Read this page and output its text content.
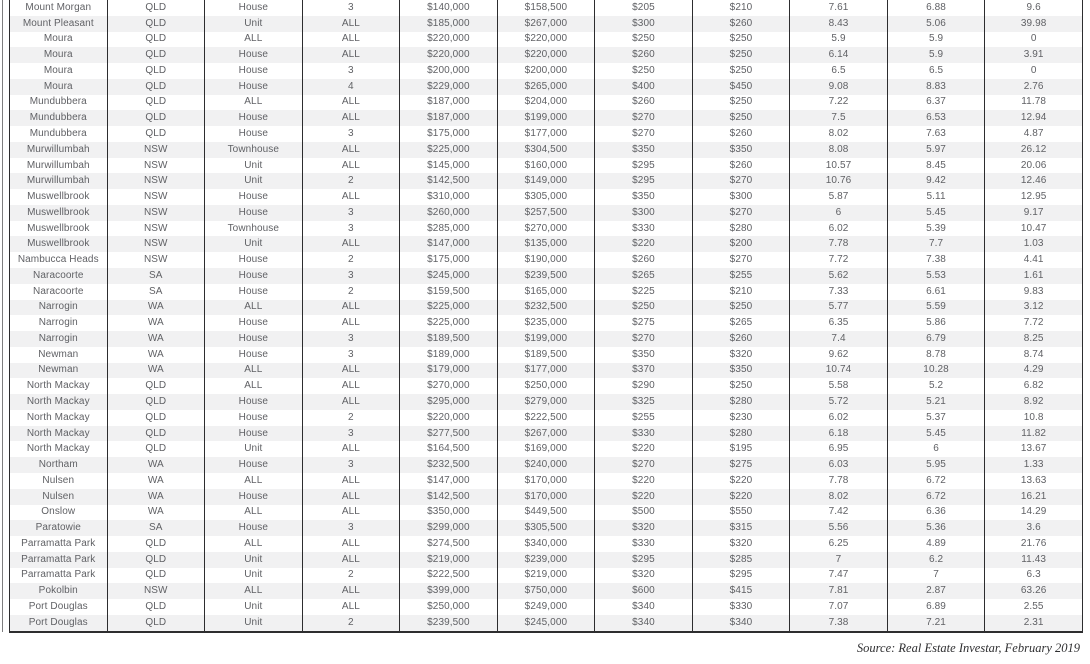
Mount Morgan	QLD	House	3	$140,000	$158,500	$205	$210	7.61	6.88	9.6
Mount Pleasant	QLD	Unit	ALL	$185,000	$267,000	$300	$260	8.43	5.06	39.98
Moura	QLD	ALL	ALL	$220,000	$220,000	$250	$250	5.9	5.9	0
Moura	QLD	House	ALL	$220,000	$220,000	$260	$250	6.14	5.9	3.91
Moura	QLD	House	3	$200,000	$200,000	$250	$250	6.5	6.5	0
Moura	QLD	House	4	$229,000	$265,000	$400	$450	9.08	8.83	2.76
Mundubbera	QLD	ALL	ALL	$187,000	$204,000	$260	$250	7.22	6.37	11.78
Mundubbera	QLD	House	ALL	$187,000	$199,000	$270	$250	7.5	6.53	12.94
Mundubbera	QLD	House	3	$175,000	$177,000	$270	$260	8.02	7.63	4.87
Murwillumbah	NSW	Townhouse	ALL	$225,000	$304,500	$350	$350	8.08	5.97	26.12
Murwillumbah	NSW	Unit	ALL	$145,000	$160,000	$295	$260	10.57	8.45	20.06
Murwillumbah	NSW	Unit	2	$142,500	$149,000	$295	$270	10.76	9.42	12.46
Muswellbrook	NSW	House	ALL	$310,000	$305,000	$350	$300	5.87	5.11	12.95
Muswellbrook	NSW	House	3	$260,000	$257,500	$300	$270	6	5.45	9.17
Muswellbrook	NSW	Townhouse	3	$285,000	$270,000	$330	$280	6.02	5.39	10.47
Muswellbrook	NSW	Unit	ALL	$147,000	$135,000	$220	$200	7.78	7.7	1.03
Nambucca Heads	NSW	House	2	$175,000	$190,000	$260	$270	7.72	7.38	4.41
Naracoorte	SA	House	3	$245,000	$239,500	$265	$255	5.62	5.53	1.61
Naracoorte	SA	House	2	$159,500	$165,000	$225	$210	7.33	6.61	9.83
Narrogin	WA	ALL	ALL	$225,000	$232,500	$250	$250	5.77	5.59	3.12
Narrogin	WA	House	ALL	$225,000	$235,000	$275	$265	6.35	5.86	7.72
Narrogin	WA	House	3	$189,500	$199,000	$270	$260	7.4	6.79	8.25
Newman	WA	House	3	$189,000	$189,500	$350	$320	9.62	8.78	8.74
Newman	WA	ALL	ALL	$179,000	$177,000	$370	$350	10.74	10.28	4.29
North Mackay	QLD	ALL	ALL	$270,000	$250,000	$290	$250	5.58	5.2	6.82
North Mackay	QLD	House	ALL	$295,000	$279,000	$325	$280	5.72	5.21	8.92
North Mackay	QLD	House	2	$220,000	$222,500	$255	$230	6.02	5.37	10.8
North Mackay	QLD	House	3	$277,500	$267,000	$330	$280	6.18	5.45	11.82
North Mackay	QLD	Unit	ALL	$164,500	$169,000	$220	$195	6.95	6	13.67
Northam	WA	House	3	$232,500	$240,000	$270	$275	6.03	5.95	1.33
Nulsen	WA	ALL	ALL	$147,000	$170,000	$220	$220	7.78	6.72	13.63
Nulsen	WA	House	ALL	$142,500	$170,000	$220	$220	8.02	6.72	16.21
Onslow	WA	ALL	ALL	$350,000	$449,500	$500	$550	7.42	6.36	14.29
Paratowie	SA	House	3	$299,000	$305,500	$320	$315	5.56	5.36	3.6
Parramatta Park	QLD	ALL	ALL	$274,500	$340,000	$330	$320	6.25	4.89	21.76
Parramatta Park	QLD	Unit	ALL	$219,000	$239,000	$295	$285	7	6.2	11.43
Parramatta Park	QLD	Unit	2	$222,500	$219,000	$320	$295	7.47	7	6.3
Pokolbin	NSW	ALL	ALL	$399,000	$750,000	$600	$415	7.81	2.87	63.26
Port Douglas	QLD	Unit	ALL	$250,000	$249,000	$340	$330	7.07	6.89	2.55
Port Douglas	QLD	Unit	2	$239,500	$245,000	$340	$340	7.38	7.21	2.31
Source: Real Estate Investar, February 2019
